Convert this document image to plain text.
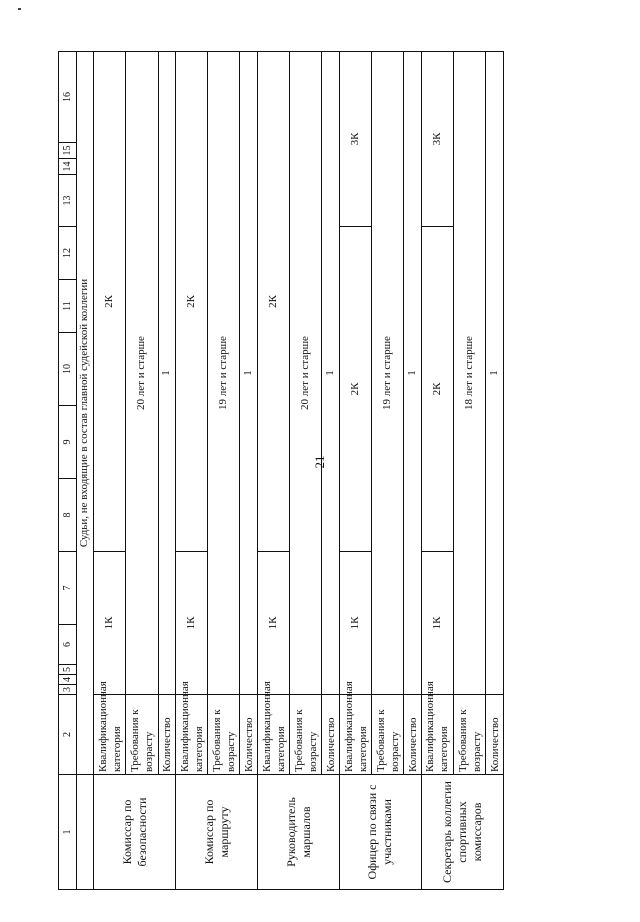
21
1	2	3	4	5	6	7	8	9	10	11	12	13	14	15	16
	Судьи, не входящие в состав главной судейской коллегии														
Комиссар по безопасности	Квалификационная категория	1К					2К								
	Требования к возрасту	20 лет и старше													
	Количество	1													
Комиссар по маршруту	Квалификационная категория	1К					2К								
	Требования к возрасту	19 лет и старше													
	Количество	1													
Руководитель маршалов	Квалификационная категория	1К					2К								
	Требования к возрасту	20 лет и старше													
	Количество	1													
Офицер по связи с участниками	Квалификационная категория	1К					2К					3К			
	Требования к возрасту	19 лет и старше													
	Количество	1													
Секретарь коллегии спортивных комиссаров	Квалификационная категория	1К					2К					3К			
	Требования к возрасту	18 лет и старше													
	Количество	1													
